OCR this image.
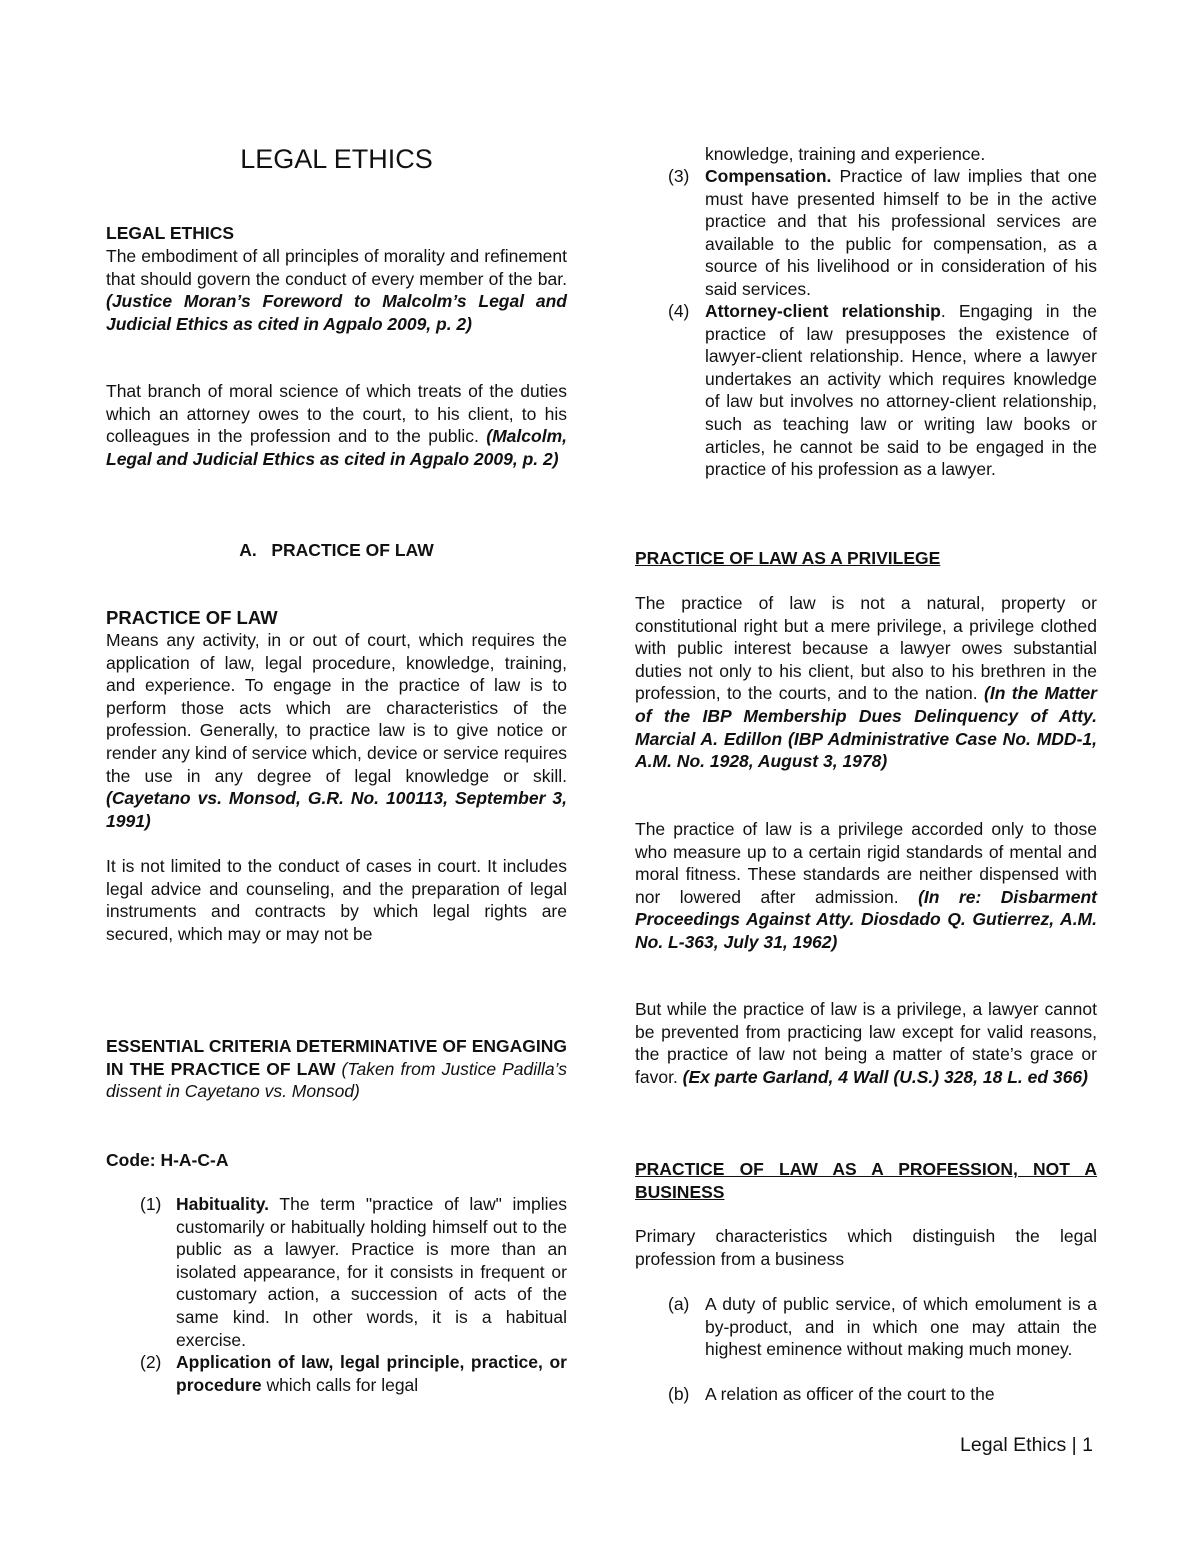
LEGAL ETHICS
LEGAL ETHICS

The embodiment of all principles of morality and refinement that should govern the conduct of every member of the bar. (Justice Moran’s Foreword to Malcolm’s Legal and Judicial Ethics as cited in Agpalo 2009, p. 2)

That branch of moral science of which treats of the duties which an attorney owes to the court, to his client, to his colleagues in the profession and to the public. (Malcolm, Legal and Judicial Ethics as cited in Agpalo 2009, p. 2)

A.   PRACTICE OF LAW
PRACTICE OF LAW

Means any activity, in or out of court, which requires the application of law, legal procedure, knowledge, training, and experience. To engage in the practice of law is to perform those acts which are characteristics of the profession. Generally, to practice law is to give notice or render any kind of service which, device or service requires the use in any degree of legal knowledge or skill. (Cayetano vs. Monsod, G.R. No. 100113, September 3, 1991)

It is not limited to the conduct of cases in court. It includes legal advice and counseling, and the preparation of legal instruments and contracts by which legal rights are secured, which may or may not be

ESSENTIAL CRITERIA DETERMINATIVE OF ENGAGING IN THE PRACTICE OF LAW (Taken from Justice Padilla’s dissent in Cayetano vs. Monsod)

Code: H-A-C-A
(1) Habituality. The term "practice of law" implies customarily or habitually holding himself out to the public as a lawyer. Practice is more than an isolated appearance, for it consists in frequent or customary action, a succession of acts of the same kind. In other words, it is a habitual exercise.
(2) Application of law, legal principle, practice, or procedure which calls for legal
knowledge, training and experience.
(3) Compensation. Practice of law implies that one must have presented himself to be in the active practice and that his professional services are available to the public for compensation, as a source of his livelihood or in consideration of his said services.
(4) Attorney-client relationship. Engaging in the practice of law presupposes the existence of lawyer-client relationship. Hence, where a lawyer undertakes an activity which requires knowledge of law but involves no attorney-client relationship, such as teaching law or writing law books or articles, he cannot be said to be engaged in the practice of his profession as a lawyer.
PRACTICE OF LAW AS A PRIVILEGE

The practice of law is not a natural, property or constitutional right but a mere privilege, a privilege clothed with public interest because a lawyer owes substantial duties not only to his client, but also to his brethren in the profession, to the courts, and to the nation. (In the Matter of the IBP Membership Dues Delinquency of Atty. Marcial A. Edillon (IBP Administrative Case No. MDD-1, A.M. No. 1928, August 3, 1978)

The practice of law is a privilege accorded only to those who measure up to a certain rigid standards of mental and moral fitness. These standards are neither dispensed with nor lowered after admission. (In re: Disbarment Proceedings Against Atty. Diosdado Q. Gutierrez, A.M. No. L-363, July 31, 1962)

But while the practice of law is a privilege, a lawyer cannot be prevented from practicing law except for valid reasons, the practice of law not being a matter of state’s grace or favor. (Ex parte Garland, 4 Wall (U.S.) 328, 18 L. ed 366)

PRACTICE OF LAW AS A PROFESSION, NOT A BUSINESS

Primary characteristics which distinguish the legal profession from a business

(a) A duty of public service, of which emolument is a by-product, and in which one may attain the highest eminence without making much money.
(b) A relation as officer of the court to the
Legal Ethics | 1
